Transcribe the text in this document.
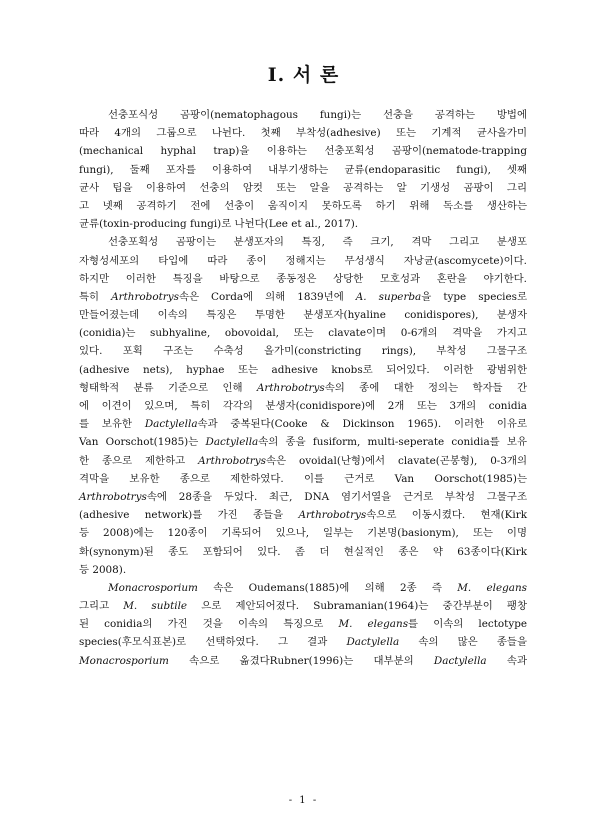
I. 서 론
선충포식성 곰팡이(nematophagous fungi)는 선충을 공격하는 방법에
따라 4개의 그룹으로 나뉜다. 첫째 부착성(adhesive) 또는 기계적 균사올가미
(mechanical hyphal trap)을 이용하는 선충포획성 곰팡이(nematode-trapping
fungi), 둘째 포자를 이용하여 내부기생하는 균류(endoparasitic fungi), 셋째
균사 팁을 이용하여 선충의 암컷 또는 알을 공격하는 알 기생성 곰팡이 그리
고 넷째 공격하기 전에 선충이 움직이지 못하도록 하기 위해 독소를 생산하는
균류(toxin-producing fungi)로 나뉜다(Lee et al., 2017).
선충포획성 곰팡이는 분생포자의 특징, 즉 크기, 격막 그리고 분생포
자형성세포의 타입에 따라 종이 정해지는 무성생식 자낭균(ascomycete)이다.
하지만 이러한 특징을 바탕으로 종동정은 상당한 모호성과 혼란을 야기한다.
특히 Arthrobotrys속은 Corda에 의해 1839년에 A. superba을 type species로
만들어졌는데 이속의 특징은 투명한 분생포자(hyaline conidispores), 분생자
(conidia)는 subhyaline, obovoidal, 또는 clavate이며 0-6개의 격막을 가지고
있다. 포획 구조는 수축성 올가미(constricting rings), 부착성 그물구조
(adhesive nets), hyphae 또는 adhesive knobs로 되어있다. 이러한 광범위한
형태학적 분류 기준으로 인해 Arthrobotrys속의 종에 대한 정의는 학자들 간
에 이견이 있으며, 특히 각각의 분생자(conidispore)에 2개 또는 3개의 conidia
를 보유한 Dactylella속과 중복된다(Cooke & Dickinson 1965). 이러한 이유로
Van Oorschot(1985)는 Dactylella속의 종을 fusiform, multi-seperate conidia를 보유
한 종으로 제한하고 Arthrobotrys속은 ovoidal(난형)에서 clavate(곤봉형), 0-3개의
격막을 보유한 종으로 제한하였다. 이를 근거로 Van Oorschot(1985)는
Arthrobotrys속에 28종을 두었다. 최근, DNA 염기서열을 근거로 부착성 그물구조
(adhesive network)를 가진 종들을 Arthrobotrys속으로 이동시켰다. 현재(Kirk
등 2008)에는 120종이 기록되어 있으나, 일부는 기본명(basionym), 또는 이명
화(synonym)된 종도 포함되어 있다. 좀 더 현실적인 종은 약 63종이다(Kirk
등 2008).
Monacrosporium 속은 Oudemans(1885)에 의해 2종 즉 M. elegans
그리고 M. subtile 으로 제안되어졌다. Subramanian(1964)는 중간부분이 팽창
된 conidia의 가진 것을 이속의 특징으로 M. elegans를 이속의 lectotype
species(후모식표본)로 선택하였다. 그 결과 Dactylella 속의 많은 종들을
Monacrosporium 속으로 옮겼다Rubner(1996)는 대부분의 Dactylella 속과
- 1 -
